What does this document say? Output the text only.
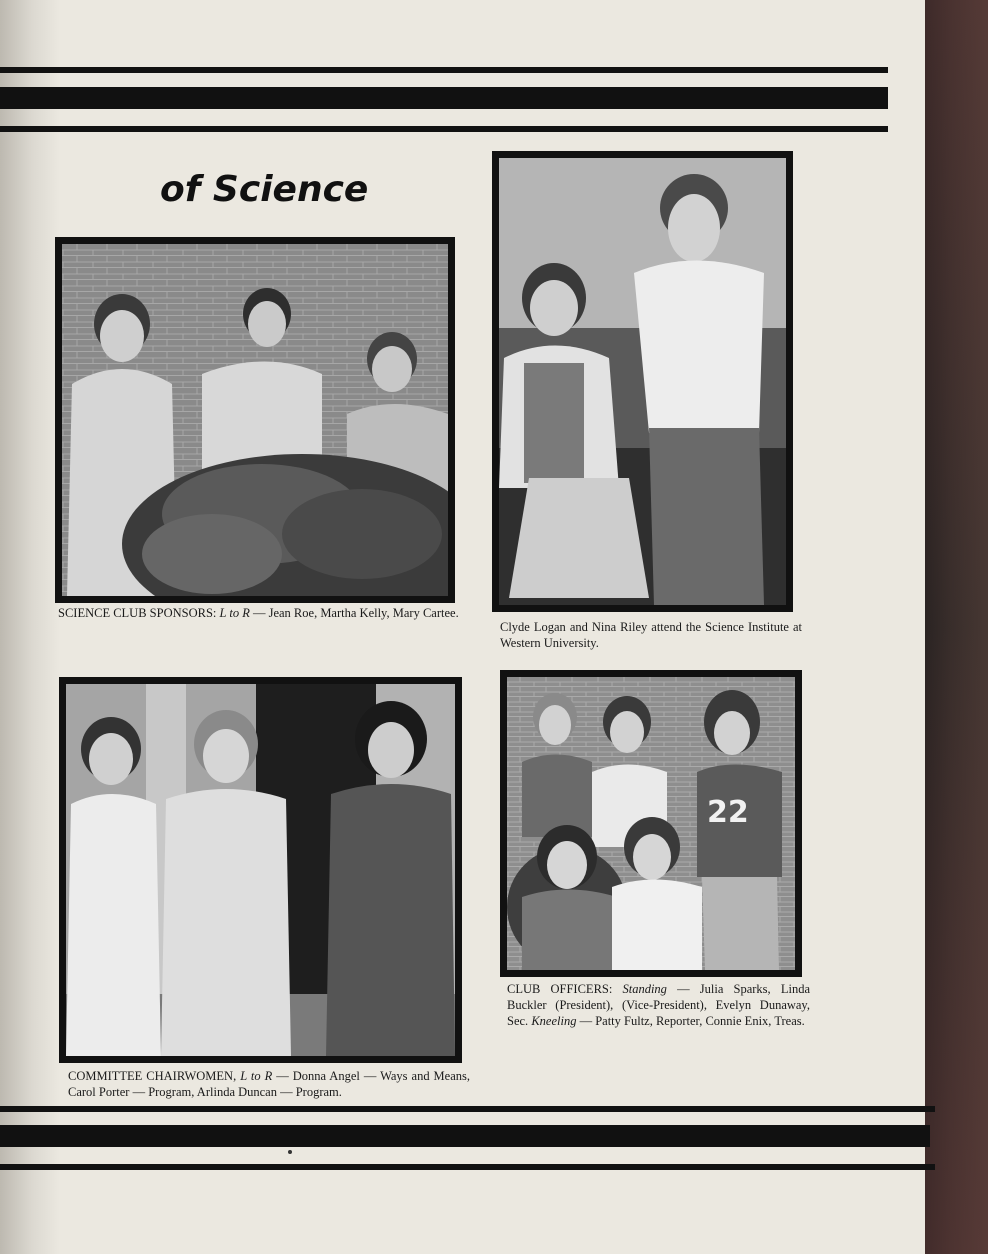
of Science
SCIENCE CLUB SPONSORS: L to R — Jean Roe, Martha Kelly, Mary Cartee.
Clyde Logan and Nina Riley attend the Science Institute at Western University.
COMMITTEE CHAIRWOMEN, L to R — Donna Angel — Ways and Means, Carol Porter — Program, Arlinda Duncan — Program.
22
CLUB OFFICERS: Standing — Julia Sparks, Linda Buckler (President), (Vice-President), Evelyn Dunaway, Sec. Kneeling — Patty Fultz, Reporter, Connie Enix, Treas.
